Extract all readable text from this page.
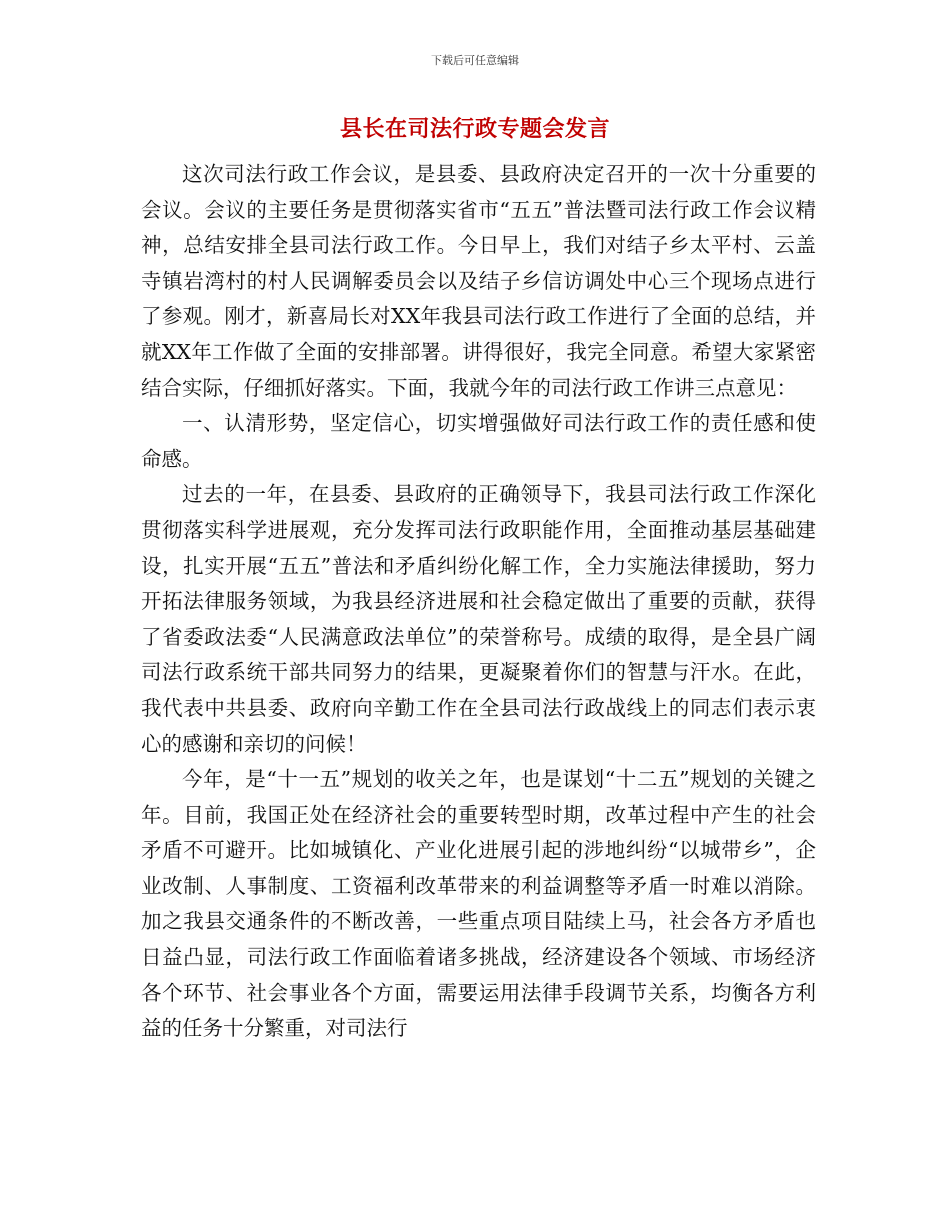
下载后可任意编辑
县长在司法行政专题会发言

这次司法行政工作会议，是县委、县政府决定召开的一次十分重要的会议。会议的主要任务是贯彻落实省市“五五”普法暨司法行政工作会议精神，总结安排全县司法行政工作。今日早上，我们对结子乡太平村、云盖寺镇岩湾村的村人民调解委员会以及结子乡信访调处中心三个现场点进行了参观。刚才，新喜局长对XX年我县司法行政工作进行了全面的总结，并就XX年工作做了全面的安排部署。讲得很好，我完全同意。希望大家紧密结合实际，仔细抓好落实。下面，我就今年的司法行政工作讲三点意见：

一、认清形势，坚定信心，切实增强做好司法行政工作的责任感和使命感。

过去的一年，在县委、县政府的正确领导下，我县司法行政工作深化贯彻落实科学进展观，充分发挥司法行政职能作用，全面推动基层基础建设，扎实开展“五五”普法和矛盾纠纷化解工作，全力实施法律援助，努力开拓法律服务领域，为我县经济进展和社会稳定做出了重要的贡献，获得了省委政法委“人民满意政法单位”的荣誉称号。成绩的取得，是全县广阔司法行政系统干部共同努力的结果，更凝聚着你们的智慧与汗水。在此，我代表中共县委、政府向辛勤工作在全县司法行政战线上的同志们表示衷心的感谢和亲切的问候！

今年，是“十一五”规划的收关之年，也是谋划“十二五”规划的关键之年。目前，我国正处在经济社会的重要转型时期，改革过程中产生的社会矛盾不可避开。比如城镇化、产业化进展引起的涉地纠纷“以城带乡”，企业改制、人事制度、工资福利改革带来的利益调整等矛盾一时难以消除。加之我县交通条件的不断改善，一些重点项目陆续上马，社会各方矛盾也日益凸显，司法行政工作面临着诸多挑战，经济建设各个领域、市场经济各个环节、社会事业各个方面，需要运用法律手段调节关系，均衡各方利益的任务十分繁重，对司法行
